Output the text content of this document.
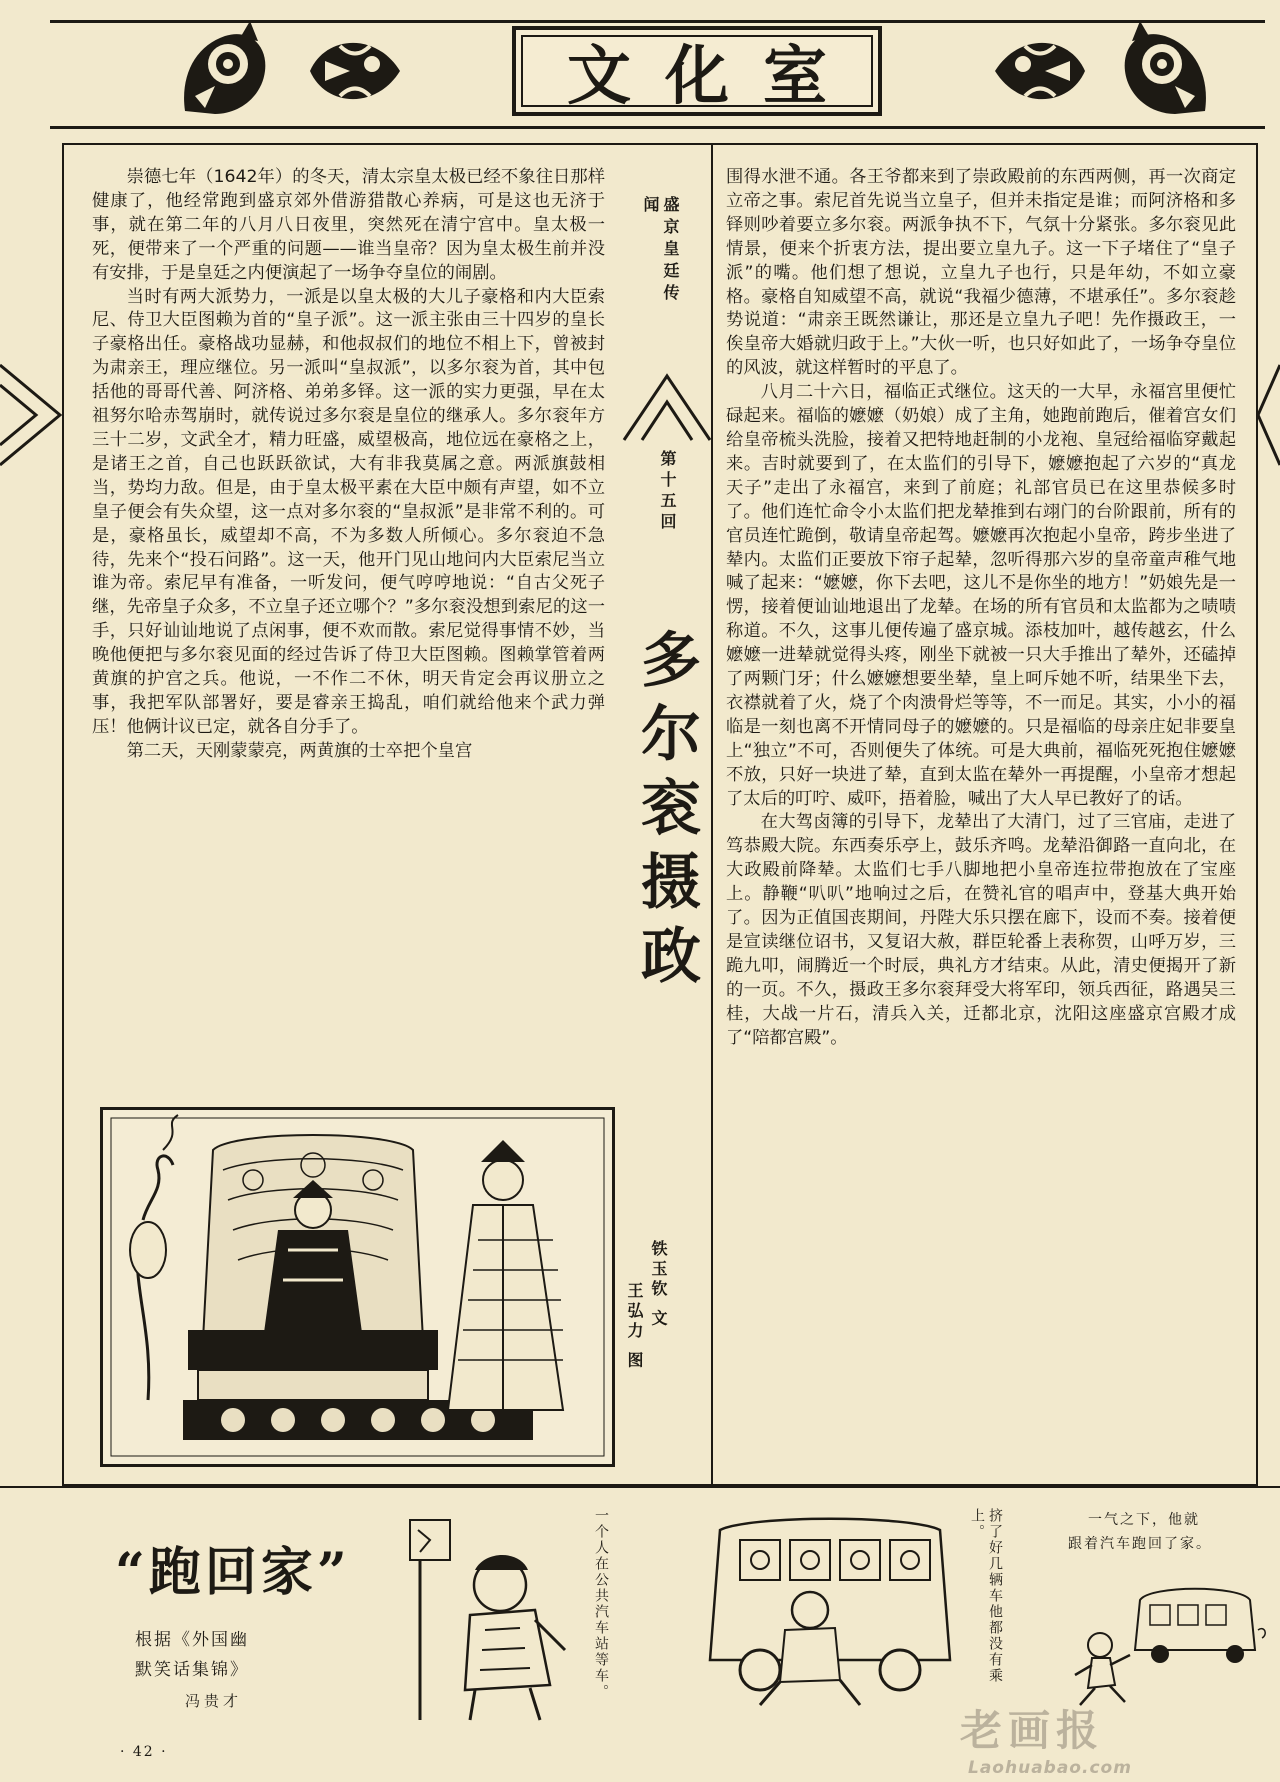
文化室

崇德七年（1642年）的冬天，清太宗皇太极已经不象往日那样健康了，他经常跑到盛京郊外借游猎散心养病，可是这也无济于事，就在第二年的八月八日夜里，突然死在清宁宫中。皇太极一死，便带来了一个严重的问题——谁当皇帝？因为皇太极生前并没有安排，于是皇廷之内便演起了一场争夺皇位的闹剧。

当时有两大派势力，一派是以皇太极的大儿子豪格和内大臣索尼、侍卫大臣图赖为首的“皇子派”。这一派主张由三十四岁的皇长子豪格出任。豪格战功显赫，和他叔叔们的地位不相上下，曾被封为肃亲王，理应继位。另一派叫“皇叔派”，以多尔衮为首，其中包括他的哥哥代善、阿济格、弟弟多铎。这一派的实力更强，早在太祖努尔哈赤驾崩时，就传说过多尔衮是皇位的继承人。多尔衮年方三十二岁，文武全才，精力旺盛，威望极高，地位远在豪格之上，是诸王之首，自己也跃跃欲试，大有非我莫属之意。两派旗鼓相当，势均力敌。但是，由于皇太极平素在大臣中颇有声望，如不立皇子便会有失众望，这一点对多尔衮的“皇叔派”是非常不利的。可是，豪格虽长，威望却不高，不为多数人所倾心。多尔衮迫不急待，先来个“投石问路”。这一天，他开门见山地问内大臣索尼当立谁为帝。索尼早有准备，一听发问，便气哼哼地说：“自古父死子继，先帝皇子众多，不立皇子还立哪个？”多尔衮没想到索尼的这一手，只好讪讪地说了点闲事，便不欢而散。索尼觉得事情不妙，当晚他便把与多尔衮见面的经过告诉了侍卫大臣图赖。图赖掌管着两黄旗的护宫之兵。他说，一不作二不休，明天肯定会再议册立之事，我把军队部署好，要是睿亲王捣乱，咱们就给他来个武力弹压！他俩计议已定，就各自分手了。

第二天，天刚蒙蒙亮，两黄旗的士卒把个皇宫

盛京皇廷传闻
第十五回
多尔衮摄政
铁玉钦 文
王弘力 图

围得水泄不通。各王爷都来到了崇政殿前的东西两侧，再一次商定立帝之事。索尼首先说当立皇子，但并未指定是谁；而阿济格和多铎则吵着要立多尔衮。两派争执不下，气氛十分紧张。多尔衮见此情景，便来个折衷方法，提出要立皇九子。这一下子堵住了“皇子派”的嘴。他们想了想说，立皇九子也行，只是年幼，不如立豪格。豪格自知威望不高，就说“我福少德薄，不堪承任”。多尔衮趁势说道：“肃亲王既然谦让，那还是立皇九子吧！先作摄政王，一俟皇帝大婚就归政于上。”大伙一听，也只好如此了，一场争夺皇位的风波，就这样暂时的平息了。

八月二十六日，福临正式继位。这天的一大早，永福宫里便忙碌起来。福临的嬷嬷（奶娘）成了主角，她跑前跑后，催着宫女们给皇帝梳头洗脸，接着又把特地赶制的小龙袍、皇冠给福临穿戴起来。吉时就要到了，在太监们的引导下，嬷嬷抱起了六岁的“真龙天子”走出了永福宫，来到了前庭；礼部官员已在这里恭候多时了。他们连忙命令小太监们把龙辇推到右翊门的台阶跟前，所有的官员连忙跪倒，敬请皇帝起驾。嬷嬷再次抱起小皇帝，跨步坐进了辇内。太监们正要放下帘子起辇，忽听得那六岁的皇帝童声稚气地喊了起来：“嬷嬷，你下去吧，这儿不是你坐的地方！”奶娘先是一愣，接着便讪讪地退出了龙辇。在场的所有官员和太监都为之啧啧称道。不久，这事儿便传遍了盛京城。添枝加叶，越传越玄，什么嬷嬷一进辇就觉得头疼，刚坐下就被一只大手推出了辇外，还磕掉了两颗门牙；什么嬷嬷想要坐辇，皇上呵斥她不听，结果坐下去，衣襟就着了火，烧了个肉溃骨烂等等，不一而足。其实，小小的福临是一刻也离不开情同母子的嬷嬷的。只是福临的母亲庄妃非要皇上“独立”不可，否则便失了体统。可是大典前，福临死死抱住嬷嬷不放，只好一块进了辇，直到太监在辇外一再提醒，小皇帝才想起了太后的叮咛、威吓，捂着脸，喊出了大人早已教好了的话。

在大驾卤簿的引导下，龙辇出了大清门，过了三官庙，走进了笃恭殿大院。东西奏乐亭上，鼓乐齐鸣。龙辇沿御路一直向北，在大政殿前降辇。太监们七手八脚地把小皇帝连拉带抱放在了宝座上。静鞭“叭叭”地响过之后，在赞礼官的唱声中，登基大典开始了。因为正值国丧期间，丹陛大乐只摆在廊下，设而不奏。接着便是宣读继位诏书，又复诏大赦，群臣轮番上表称贺，山呼万岁，三跪九叩，闹腾近一个时辰，典礼方才结束。从此，清史便揭开了新的一页。不久，摄政王多尔衮拜受大将军印，领兵西征，路遇吴三桂，大战一片石，清兵入关，迁都北京，沈阳这座盛京宫殿才成了“陪都宫殿”。

“跑回家”
根据《外国幽
默笑话集锦》
冯贵才
一个人在公共汽车站等车。	挤了好几辆车他都没有乘上。	一气之下，他就
跟着汽车跑回了家。
· 42 ·	老画报
Laohuabao.com
